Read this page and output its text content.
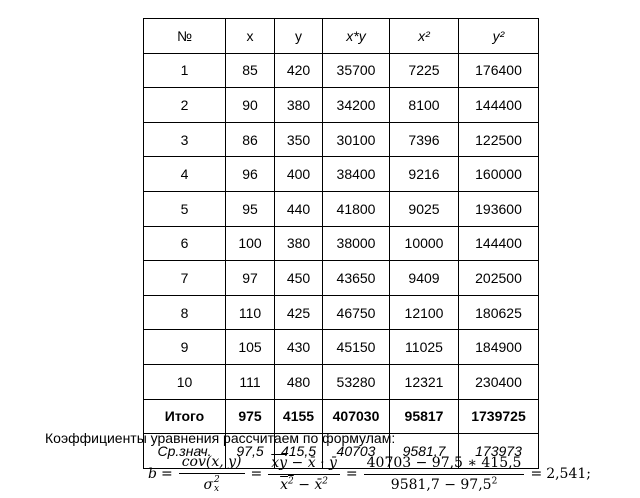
№	x	y	x*y	x²	y²
1	85	420	35700	7225	176400
2	90	380	34200	8100	144400
3	86	350	30100	7396	122500
4	96	400	38400	9216	160000
5	95	440	41800	9025	193600
6	100	380	38000	10000	144400
7	97	450	43650	9409	202500
8	110	425	46750	12100	180625
9	105	430	45150	11025	184900
10	111	480	53280	12321	230400
Итого	975	4155	407030	95817	1739725
Ср.знач.	97,5	415,5	40703	9581,7	173973
Коэффициенты уравнения рассчитаем по формулам:
b = cov(x, y)
σ 2
$x = \frac{\overline{xy} - x̄ \cdot ȳ}{x^2 - x̄^2} = \frac{40703 - 97,5 ∗ 415,5}{9581,7 - 97,5^2} = 2,541$;
